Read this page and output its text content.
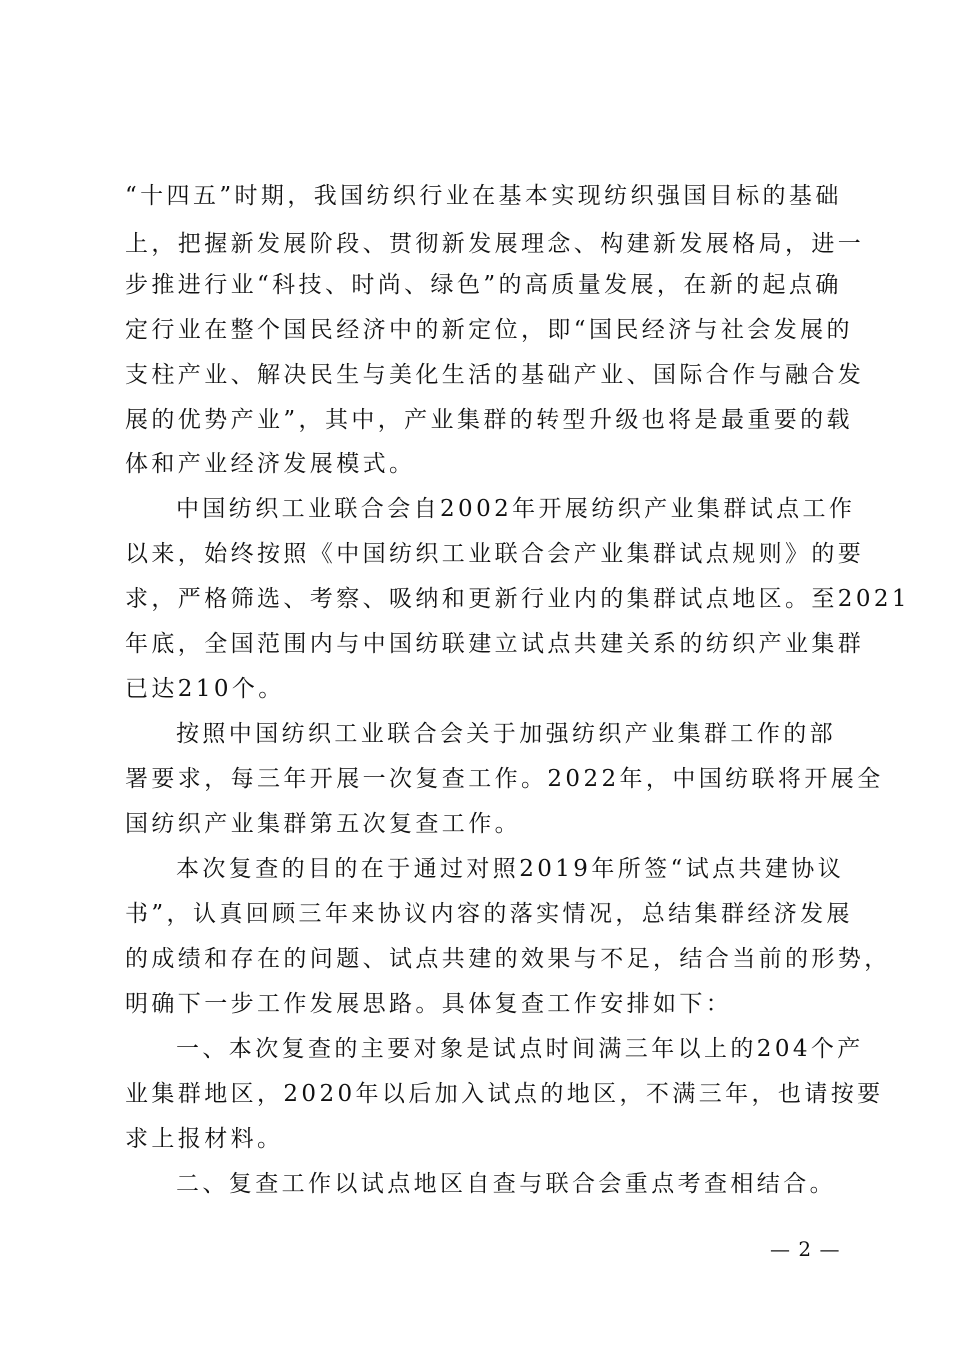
“十四五”时期，我国纺织行业在基本实现纺织强国目标的基础
上，把握新发展阶段、贯彻新发展理念、构建新发展格局，进一
步推进行业“科技、时尚、绿色”的高质量发展，在新的起点确
定行业在整个国民经济中的新定位，即“国民经济与社会发展的
支柱产业、解决民生与美化生活的基础产业、国际合作与融合发
展的优势产业”，其中，产业集群的转型升级也将是最重要的载
体和产业经济发展模式。
中国纺织工业联合会自2002年开展纺织产业集群试点工作
以来，始终按照《中国纺织工业联合会产业集群试点规则》的要
求，严格筛选、考察、吸纳和更新行业内的集群试点地区。至2021
年底，全国范围内与中国纺联建立试点共建关系的纺织产业集群
已达210个。
按照中国纺织工业联合会关于加强纺织产业集群工作的部
署要求，每三年开展一次复查工作。2022年，中国纺联将开展全
国纺织产业集群第五次复查工作。
本次复查的目的在于通过对照2019年所签“试点共建协议
书”，认真回顾三年来协议内容的落实情况，总结集群经济发展
的成绩和存在的问题、试点共建的效果与不足，结合当前的形势，
明确下一步工作发展思路。具体复查工作安排如下：
一、本次复查的主要对象是试点时间满三年以上的204个产
业集群地区，2020年以后加入试点的地区，不满三年，也请按要
求上报材料。
二、复查工作以试点地区自查与联合会重点考查相结合。
— 2 —
